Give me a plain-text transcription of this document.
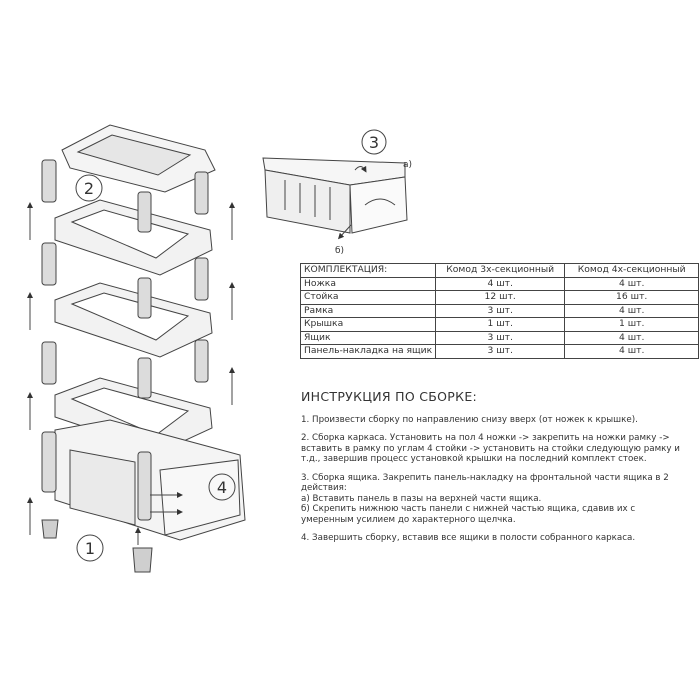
2
4
1
3
а)
б)
КОМПЛЕКТАЦИЯ:	Комод 3х-секционный	Комод 4х-секционный
Ножка	4 шт.	4 шт.
Стойка	12 шт.	16 шт.
Рамка	3 шт.	4 шт.
Крышка	1 шт.	1 шт.
Ящик	3 шт.	4 шт.
Панель-накладка на ящик	3 шт.	4 шт.
ИНСТРУКЦИЯ ПО СБОРКЕ:

1. Произвести сборку по направлению снизу вверх (от ножек к крышке).

2. Сборка каркаса. Установить на пол 4 ножки -> закрепить на ножки рамку -> вставить в рамку по углам 4 стойки -> установить на стойки следующую рамку и т.д., завершив процесс установкой крышки на последний комплект стоек.

3. Сборка ящика. Закрепить панель-накладку на фронтальной части ящика в 2 действия:

а) Вставить панель в пазы на верхней части ящика.

б) Скрепить нижнюю часть панели с нижней частью ящика, сдавив их с умеренным усилием до характерного щелчка.

4. Завершить сборку, вставив все ящики в полости собранного каркаса.
